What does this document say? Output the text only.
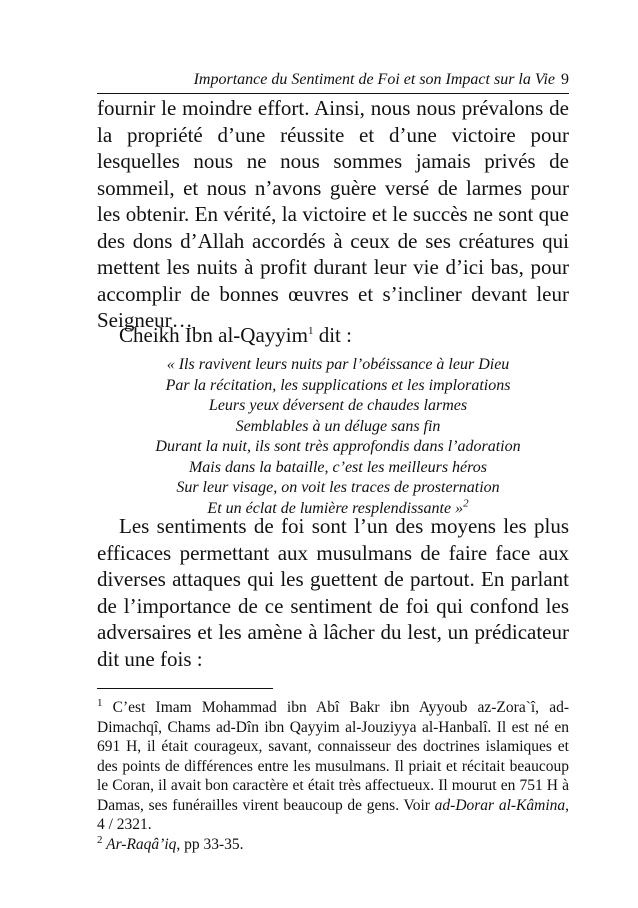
Importance du Sentiment de Foi et son Impact sur la Vie 9

fournir le moindre effort. Ainsi, nous nous prévalons de la propriété d’une réussite et d’une victoire pour lesquelles nous ne nous sommes jamais privés de sommeil, et nous n’avons guère versé de larmes pour les obtenir. En vérité, la victoire et le succès ne sont que des dons d’Allah accordés à ceux de ses créatures qui mettent les nuits à profit durant leur vie d’ici bas, pour accomplir de bonnes œuvres et s’incliner devant leur Seigneur…

Cheikh Ibn al-Qayyim$^1$ dit :

« Ils ravivent leurs nuits par l’obéissance à leur Dieu
Par la récitation, les supplications et les implorations
Leurs yeux déversent de chaudes larmes
Semblables à un déluge sans fin
Durant la nuit, ils sont très approfondis dans l’adoration
Mais dans la bataille, c’est les meilleurs héros
Sur leur visage, on voit les traces de prosternation
Et un éclat de lumière resplendissante »$^2$

Les sentiments de foi sont l’un des moyens les plus efficaces permettant aux musulmans de faire face aux diverses attaques qui les guettent de partout. En parlant de l’importance de ce sentiment de foi qui confond les adversaires et les amène à lâcher du lest, un prédicateur dit une fois :

$^1$ C’est Imam Mohammad ibn Abî Bakr ibn Ayyoub az-Zora`î, ad-Dimachqî, Chams ad-Dîn ibn Qayyim al-Jouziyya al-Hanbalî. Il est né en 691 H, il était courageux, savant, connaisseur des doctrines islamiques et des points de différences entre les musulmans. Il priait et récitait beaucoup le Coran, il avait bon caractère et était très affectueux. Il mourut en 751 H à Damas, ses funérailles virent beaucoup de gens. Voir ad-Dorar al-Kâmina, 4 / 2321.

$^2$ Ar-Raqâ’iq, pp 33-35.
